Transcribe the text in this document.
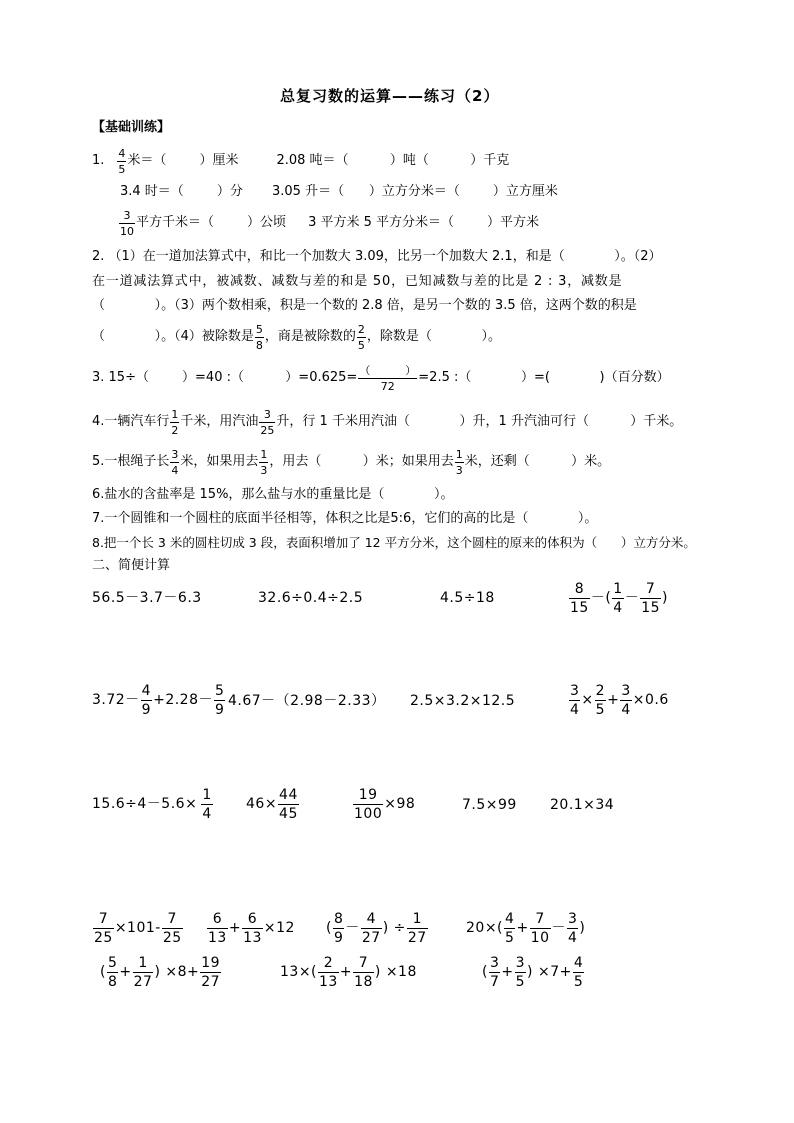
总复习数的运算——练习（2）
【基础训练】
1. 4
5
米＝（        ）厘米	2.08 吨＝（          ）吨（          ）千克
3.4 时＝（        ）分 3.05 升＝（      ）立方分米＝（        ）立方厘米
3
10
平方千米＝（        ）公顷 3 平方米 5 平方分米＝（        ）平方米
2. （1）在一道加法算式中，和比一个加数大 3.09，比另一个加数大 2.1，和是（            ）。（2）
在一道减法算式中，被减数、减数与差的和是 50，已知减数与差的比是 2 : 3，减数是
（            ）。（3）两个数相乘，积是一个数的 2.8 倍，是另一个数的 3.5 倍，这两个数的积是
（            ）。（4）被除数是 5
8
，商是被除数的 2
5
，除数是（            ）。
3. 15÷（        ）=40 :（          ）=0.625= （          ）
72
=2.5 :（            ）=(            )（百分数）
4.一辆汽车行 1
2
千米，用汽油 3
25
升，行 1 千米用汽油（            ）升，1 升汽油可行（          ）千米。
5.一根绳子长 3
4
米，如果用去 1
3
，用去（          ）米；如果用去 1
3
米，还剩（          ）米。
6.盐水的含盐率是 15%，那么盐与水的重量比是（            ）。
7.一个圆锥和一个圆柱的底面半径相等，体积之比是5:6，它们的高的比是（            ）。
8.把一个长 3 米的圆柱切成 3 段，表面积增加了 12 平方分米，这个圆柱的原来的体积为（      ）立方分米。
二、简便计算
56.5－3.7－6.3	32.6÷0.4÷2.5	4.5÷18
8
15
－(
1
4
－
7
15
)
3.72－
4
9
+2.28－
5
9
4.67－（2.98－2.33） 2.5×3.2×12.5	$\frac{3}{4} \times \frac{2}{5} + \frac{3}{4} \times 0.6$
$15.6\div 4-5.6\times \frac{1}{4} 46\times \frac{44}{45}$	$\frac{19}{100} \times 98$	7.5×99 20.1×34
$\frac{7}{25} \times 101-$
7
25
6
13
+ $\frac{6}{13} \times 12$ (
8
9
－
4
27
) ÷ $\frac{1}{27}$	20×(
4
5
+ $\frac{7}{10}$ －
3
4
)
(
5
8
+ $\frac{1}{27}$ ) $\times 8+ \frac{19}{27}$	13×(
2
13
+ $\frac{7}{18}$ ) ×18	(
3
7
+ $\frac{3}{5}$ ) $\times 7+ \frac{4}{5}$
